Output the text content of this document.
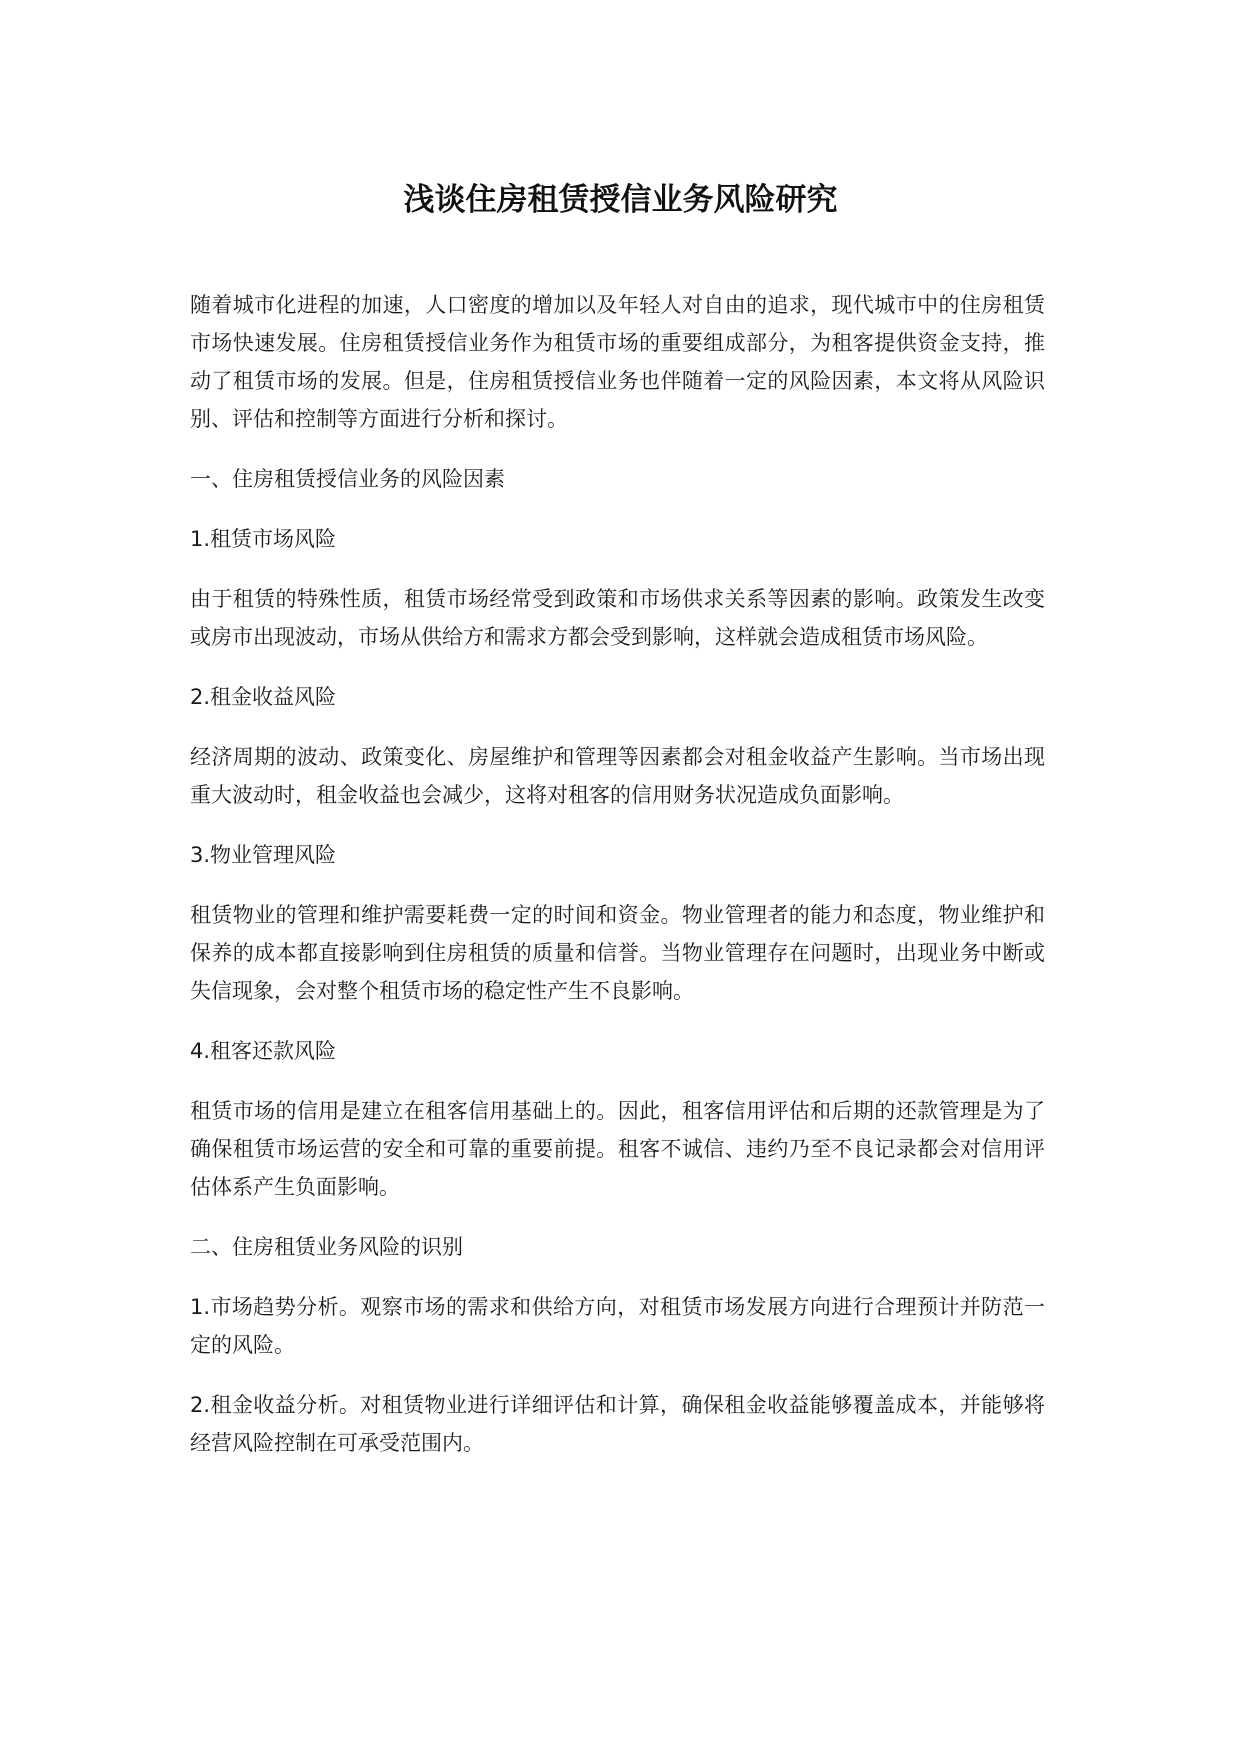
浅谈住房租赁授信业务风险研究

随着城市化进程的加速，人口密度的增加以及年轻人对自由的追求，现代城市中的住房租赁市场快速发展。住房租赁授信业务作为租赁市场的重要组成部分，为租客提供资金支持，推动了租赁市场的发展。但是，住房租赁授信业务也伴随着一定的风险因素，本文将从风险识别、评估和控制等方面进行分析和探讨。

一、住房租赁授信业务的风险因素

1.租赁市场风险

由于租赁的特殊性质，租赁市场经常受到政策和市场供求关系等因素的影响。政策发生改变或房市出现波动，市场从供给方和需求方都会受到影响，这样就会造成租赁市场风险。

2.租金收益风险

经济周期的波动、政策变化、房屋维护和管理等因素都会对租金收益产生影响。当市场出现重大波动时，租金收益也会减少，这将对租客的信用财务状况造成负面影响。

3.物业管理风险

租赁物业的管理和维护需要耗费一定的时间和资金。物业管理者的能力和态度，物业维护和保养的成本都直接影响到住房租赁的质量和信誉。当物业管理存在问题时，出现业务中断或失信现象，会对整个租赁市场的稳定性产生不良影响。

4.租客还款风险

租赁市场的信用是建立在租客信用基础上的。因此，租客信用评估和后期的还款管理是为了确保租赁市场运营的安全和可靠的重要前提。租客不诚信、违约乃至不良记录都会对信用评估体系产生负面影响。

二、住房租赁业务风险的识别

1.市场趋势分析。观察市场的需求和供给方向，对租赁市场发展方向进行合理预计并防范一定的风险。

2.租金收益分析。对租赁物业进行详细评估和计算，确保租金收益能够覆盖成本，并能够将经营风险控制在可承受范围内。
